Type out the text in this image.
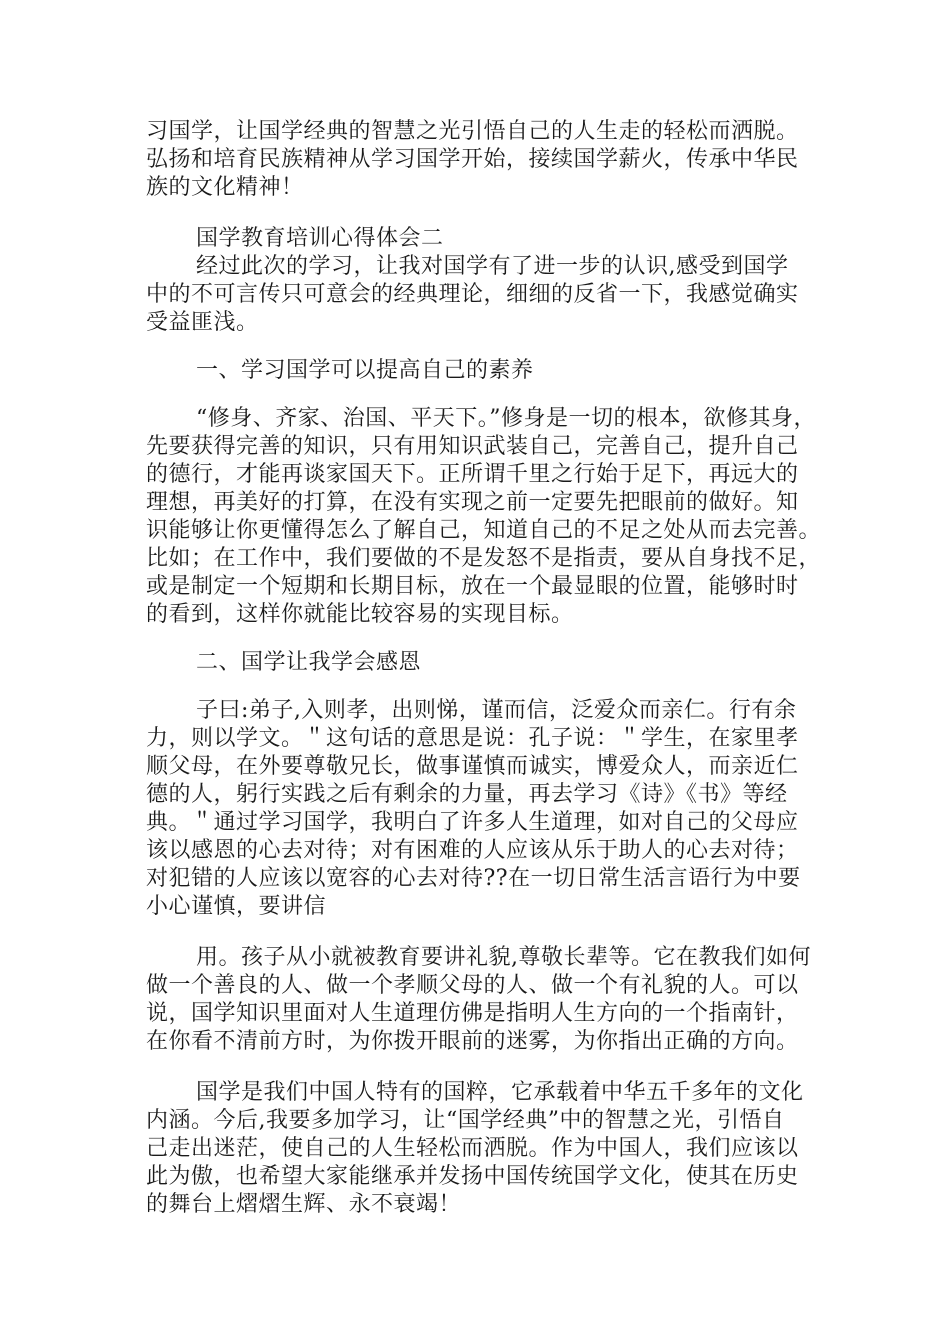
习国学，让国学经典的智慧之光引悟自己的人生走的轻松而洒脱。
弘扬和培育民族精神从学习国学开始，接续国学薪火，传承中华民
族的文化精神！
国学教育培训心得体会二
经过此次的学习，让我对国学有了进一步的认识,感受到国学
中的不可言传只可意会的经典理论，细细的反省一下，我感觉确实
受益匪浅。
一、学习国学可以提高自己的素养
“修身、齐家、治国、平天下。”修身是一切的根本，欲修其身，
先要获得完善的知识，只有用知识武装自己，完善自己，提升自己
的德行，才能再谈家国天下。正所谓千里之行始于足下，再远大的
理想，再美好的打算，在没有实现之前一定要先把眼前的做好。知
识能够让你更懂得怎么了解自己，知道自己的不足之处从而去完善。
比如；在工作中，我们要做的不是发怒不是指责，要从自身找不足，
或是制定一个短期和长期目标，放在一个最显眼的位置，能够时时
的看到，这样你就能比较容易的实现目标。
二、国学让我学会感恩
子曰:弟子,入则孝，出则悌，谨而信，泛爱众而亲仁。行有余
力，则以学文。＂这句话的意思是说：孔子说：＂学生，在家里孝
顺父母，在外要尊敬兄长，做事谨慎而诚实，博爱众人，而亲近仁
德的人，躬行实践之后有剩余的力量，再去学习《诗》《书》等经
典。＂通过学习国学，我明白了许多人生道理，如对自己的父母应
该以感恩的心去对待；对有困难的人应该从乐于助人的心去对待；
对犯错的人应该以宽容的心去对待??在一切日常生活言语行为中要
小心谨慎，要讲信
用。孩子从小就被教育要讲礼貌,尊敬长辈等。它在教我们如何
做一个善良的人、做一个孝顺父母的人、做一个有礼貌的人。可以
说，国学知识里面对人生道理仿佛是指明人生方向的一个指南针，
在你看不清前方时，为你拨开眼前的迷雾，为你指出正确的方向。
国学是我们中国人特有的国粹，它承载着中华五千多年的文化
内涵。今后,我要多加学习，让“国学经典”中的智慧之光，引悟自
己走出迷茫，使自己的人生轻松而洒脱。作为中国人，我们应该以
此为傲，也希望大家能继承并发扬中国传统国学文化，使其在历史
的舞台上熠熠生辉、永不衰竭！
